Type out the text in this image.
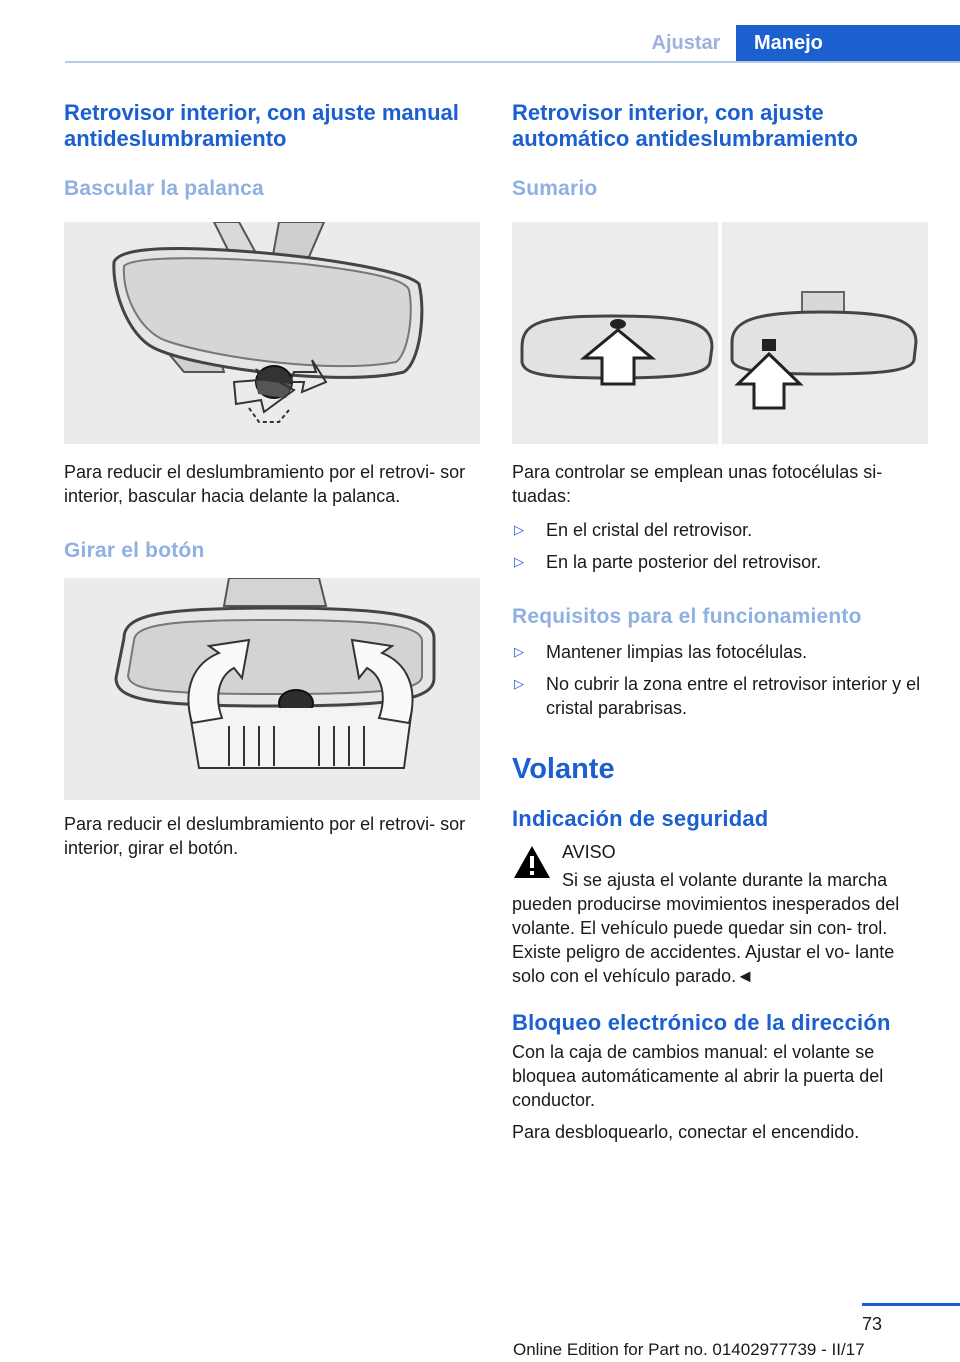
Ajustar	Manejo
Retrovisor interior, con ajuste manual antideslumbramiento
Bascular la palanca

Para reducir el deslumbramiento por el retrovi‐ sor interior, bascular hacia delante la palanca.

Girar el botón

Para reducir el deslumbramiento por el retrovi‐ sor interior, girar el botón.

Retrovisor interior, con ajuste automático antideslumbramiento
Sumario

Para controlar se emplean unas fotocélulas si‐ tuadas:

▷	En el cristal del retrovisor.
▷	En la parte posterior del retrovisor.
Requisitos para el funcionamiento
▷	Mantener limpias las fotocélulas.
▷	No cubrir la zona entre el retrovisor interior y el cristal parabrisas.
Volante
Indicación de seguridad

AVISO

Si se ajusta el volante durante la marcha

pueden producirse movimientos inesperados del volante. El vehículo puede quedar sin con‐ trol. Existe peligro de accidentes. Ajustar el vo‐ lante solo con el vehículo parado.◄

Bloqueo electrónico de la dirección

Con la caja de cambios manual: el volante se bloquea automáticamente al abrir la puerta del conductor.

Para desbloquearlo, conectar el encendido.

73
Online Edition for Part no. 01402977739 - II/17
